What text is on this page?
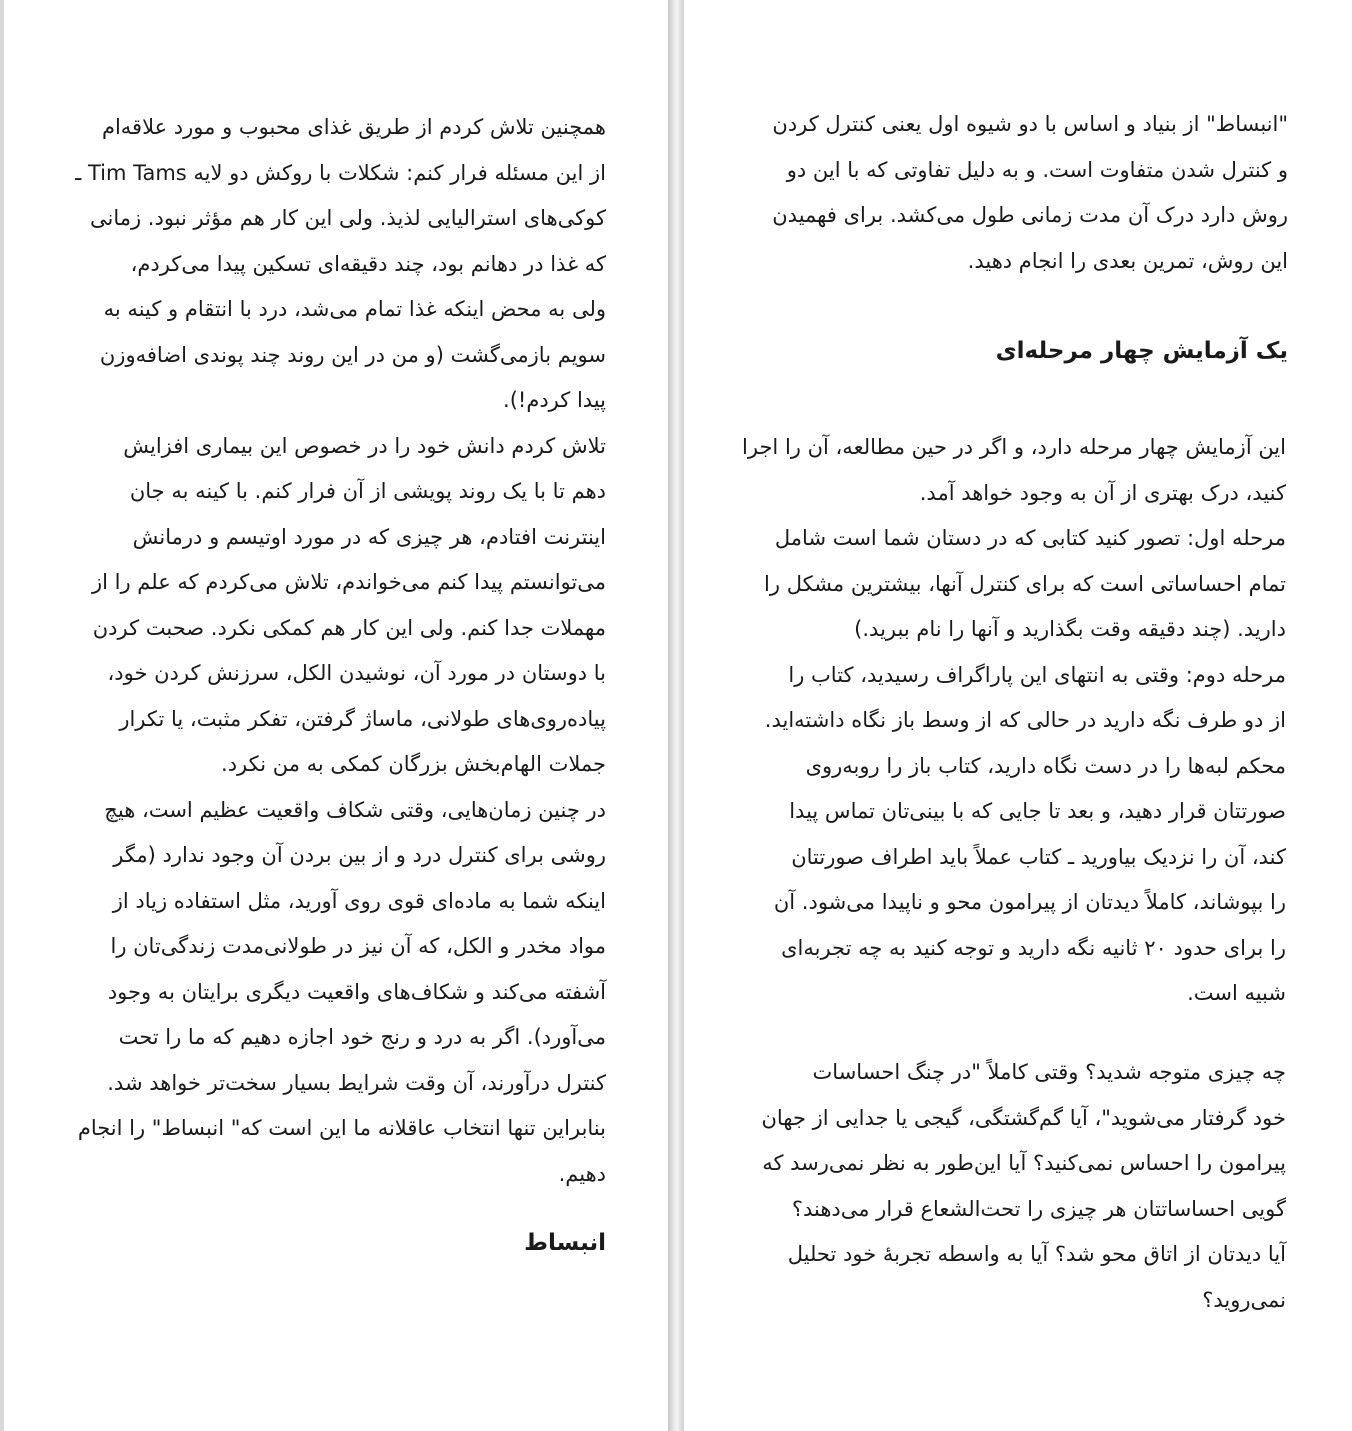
همچنین تلاش کردم از طریق غذای محبوب و مورد علاقه‌ام
از این مسئله فرار کنم: شکلات با روکش دو لایه Tim Tams ـ
کوکی‌های استرالیایی لذیذ. ولی این کار هم مؤثر نبود. زمانی
که غذا در دهانم بود، چند دقیقه‌ای تسکین پیدا می‌کردم،
ولی به محض اینکه غذا تمام می‌شد، درد با انتقام و کینه به
سویم بازمی‌گشت (و من در این روند چند پوندی اضافه‌وزن
پیدا کردم!).
تلاش کردم دانش خود را در خصوص این بیماری افزایش
دهم تا با یک روند پویشی از آن فرار کنم. با کینه به جان
اینترنت افتادم، هر چیزی که در مورد اوتیسم و درمانش
می‌توانستم پیدا کنم می‌خواندم، تلاش می‌کردم که علم را از
مهملات جدا کنم. ولی این کار هم کمکی نکرد. صحبت کردن
با دوستان در مورد آن، نوشیدن الکل، سرزنش کردن خود،
پیاده‌روی‌های طولانی، ماساژ گرفتن، تفکر مثبت، یا تکرار
جملات الهام‌بخش بزرگان کمکی به من نکرد.
در چنین زمان‌هایی، وقتی شکاف واقعیت عظیم است، هیچ
روشی برای کنترل درد و از بین بردن آن وجود ندارد (مگر
اینکه شما به ماده‌ای قوی روی آورید، مثل استفاده زیاد از
مواد مخدر و الکل، که آن نیز در طولانی‌مدت زندگی‌تان را
آشفته می‌کند و شکاف‌های واقعیت دیگری برایتان به وجود
می‌آورد). اگر به درد و رنج خود اجازه دهیم که ما را تحت
کنترل درآورند، آن وقت شرایط بسیار سخت‌تر خواهد شد.
بنابراین تنها انتخاب عاقلانه ما این است که" انبساط" را انجام
دهیم.
انبساط
"انبساط" از بنیاد و اساس با دو شیوه اول یعنی کنترل کردن
و کنترل شدن متفاوت است. و به دلیل تفاوتی که با این دو
روش دارد درک آن مدت زمانی طول می‌کشد. برای فهمیدن
این روش، تمرین بعدی را انجام دهید.
یک آزمایش چهار مرحله‌ای
این آزمایش چهار مرحله دارد، و اگر در حین مطالعه، آن را اجرا
کنید، درک بهتری از آن به وجود خواهد آمد.
مرحله اول: تصور کنید کتابی که در دستان شما است شامل
تمام احساساتی است که برای کنترل آنها، بیشترین مشکل را
دارید. (چند دقیقه وقت بگذارید و آنها را نام ببرید.)
مرحله دوم: وقتی به انتهای این پاراگراف رسیدید، کتاب را
از دو طرف نگه دارید در حالی که از وسط باز نگاه داشته‌اید.
محکم لبه‌ها را در دست نگاه دارید، کتاب باز را روبه‌روی
صورتتان قرار دهید، و بعد تا جایی که با بینی‌تان تماس پیدا
کند، آن را نزدیک بیاورید ـ کتاب عملاً باید اطراف صورتتان
را بپوشاند، کاملاً دیدتان از پیرامون محو و ناپیدا می‌شود. آن
را برای حدود ۲۰ ثانیه نگه دارید و توجه کنید به چه تجربه‌ای
شبیه است.
چه چیزی متوجه شدید؟ وقتی کاملاً "در چنگ احساسات
خود گرفتار می‌شوید"، آیا گم‌گشتگی، گیجی یا جدایی از جهان
پیرامون را احساس نمی‌کنید؟ آیا این‌طور به نظر نمی‌رسد که
گویی احساساتتان هر چیزی را تحت‌الشعاع قرار می‌دهند؟
آیا دیدتان از اتاق محو شد؟ آیا به واسطه تجربهٔ خود تحلیل
نمی‌روید؟
